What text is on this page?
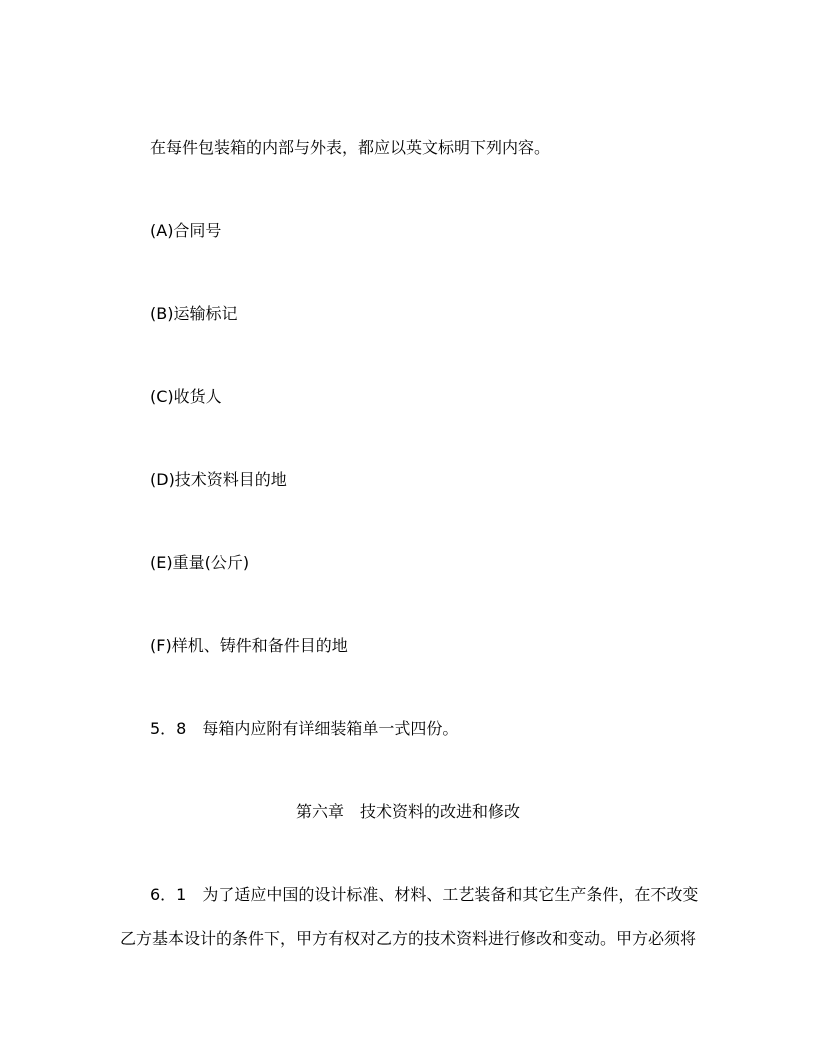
在每件包装箱的内部与外表，都应以英文标明下列内容。
(A)合同号
(B)运输标记
(C)收货人
(D)技术资料目的地
(E)重量(公斤)
(F)样机、铸件和备件目的地
5．8　每箱内应附有详细装箱单一式四份。
第六章　技术资料的改进和修改
6．1　为了适应中国的设计标准、材料、工艺装备和其它生产条件，在不改变
乙方基本设计的条件下，甲方有权对乙方的技术资料进行修改和变动。甲方必须将
